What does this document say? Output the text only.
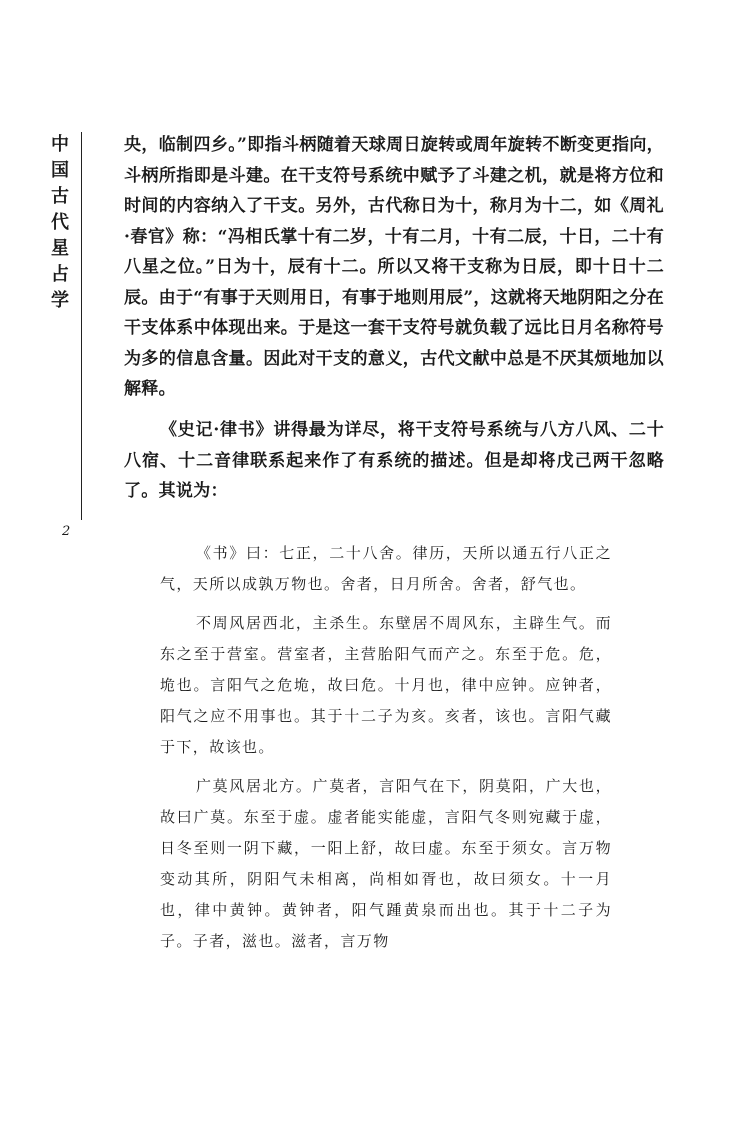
中国古代星占学
2

央，临制四乡。”即指斗柄随着天球周日旋转或周年旋转不断变更指向，斗柄所指即是斗建。在干支符号系统中赋予了斗建之机，就是将方位和时间的内容纳入了干支。另外，古代称日为十，称月为十二，如《周礼·春官》称：“冯相氏掌十有二岁，十有二月，十有二辰，十日，二十有八星之位。”日为十，辰有十二。所以又将干支称为日辰，即十日十二辰。由于“有事于天则用日，有事于地则用辰”，这就将天地阴阳之分在干支体系中体现出来。于是这一套干支符号就负载了远比日月名称符号为多的信息含量。因此对干支的意义，古代文献中总是不厌其烦地加以解释。

《史记·律书》讲得最为详尽，将干支符号系统与八方八风、二十八宿、十二音律联系起来作了有系统的描述。但是却将戊己两干忽略了。其说为：

《书》曰：七正，二十八舍。律历，天所以通五行八正之气，天所以成孰万物也。舍者，日月所舍。舍者，舒气也。

不周风居西北，主杀生。东壁居不周风东，主辟生气。而东之至于营室。营室者，主营胎阳气而产之。东至于危。危，垝也。言阳气之危垝，故曰危。十月也，律中应钟。应钟者，阳气之应不用事也。其于十二子为亥。亥者，该也。言阳气藏于下，故该也。

广莫风居北方。广莫者，言阳气在下，阴莫阳，广大也，故曰广莫。东至于虚。虚者能实能虚，言阳气冬则宛藏于虚，日冬至则一阴下藏，一阳上舒，故曰虚。东至于须女。言万物变动其所，阴阳气未相离，尚相如胥也，故曰须女。十一月也，律中黄钟。黄钟者，阳气踵黄泉而出也。其于十二子为子。子者，滋也。滋者，言万物
